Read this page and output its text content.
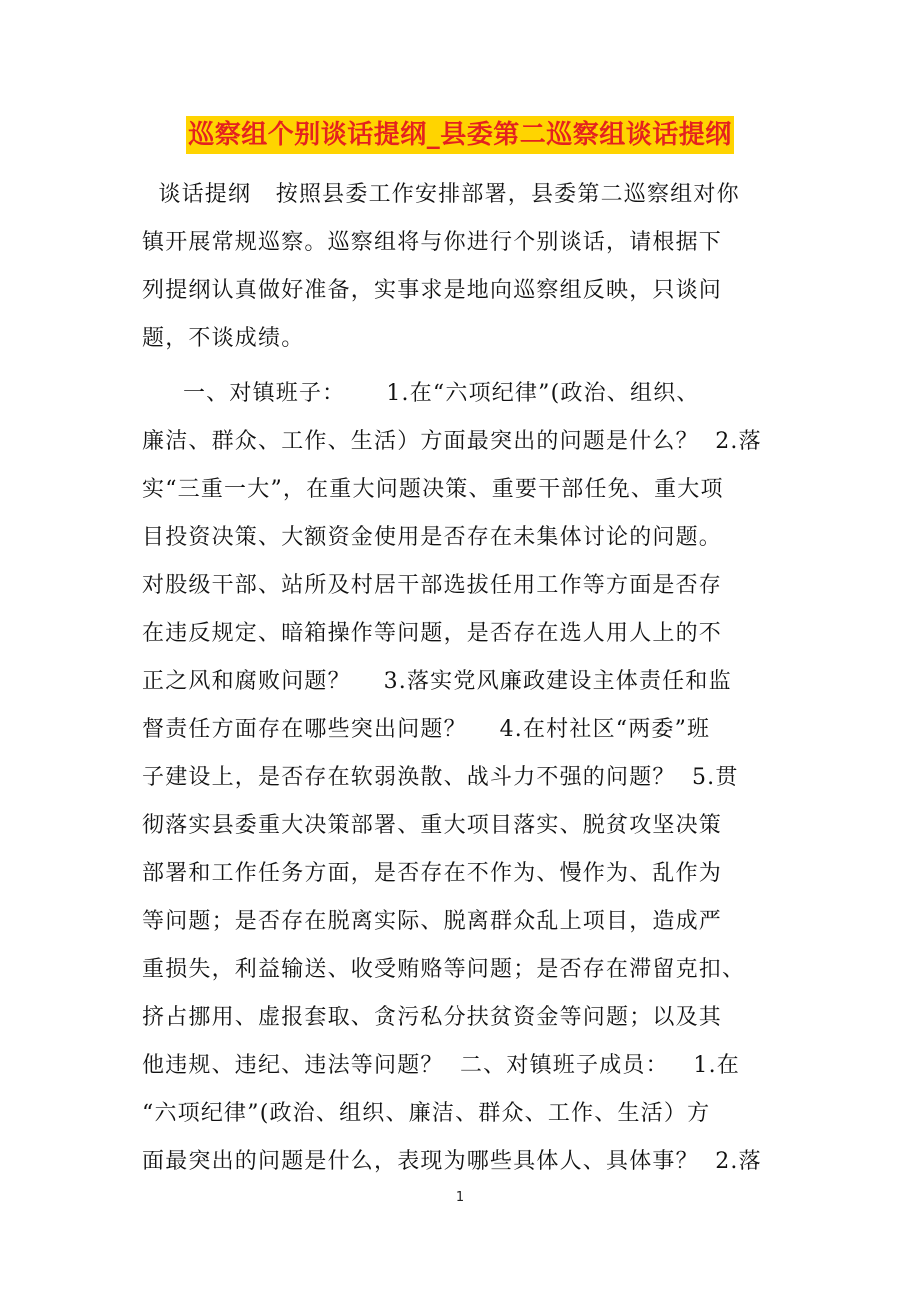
巡察组个别谈话提纲_县委第二巡察组谈话提纲
谈话提纲   按照县委工作安排部署，县委第二巡察组对你
镇开展常规巡察。巡察组将与你进行个别谈话，请根据下
列提纲认真做好准备，实事求是地向巡察组反映，只谈问
题，不谈成绩。
一、对镇班子：     1.在“六项纪律”(政治、组织、
廉洁、群众、工作、生活）方面最突出的问题是什么？  2.落
实“三重一大”，在重大问题决策、重要干部任免、重大项
目投资决策、大额资金使用是否存在未集体讨论的问题。
对股级干部、站所及村居干部选拔任用工作等方面是否存
在违反规定、暗箱操作等问题，是否存在选人用人上的不
正之风和腐败问题？    3.落实党风廉政建设主体责任和监
督责任方面存在哪些突出问题？    4.在村社区“两委”班
子建设上，是否存在软弱涣散、战斗力不强的问题？  5.贯
彻落实县委重大决策部署、重大项目落实、脱贫攻坚决策
部署和工作任务方面，是否存在不作为、慢作为、乱作为
等问题；是否存在脱离实际、脱离群众乱上项目，造成严
重损失，利益输送、收受贿赂等问题；是否存在滞留克扣、
挤占挪用、虚报套取、贪污私分扶贫资金等问题；以及其
他违规、违纪、违法等问题？  二、对镇班子成员：   1.在
“六项纪律”(政治、组织、廉洁、群众、工作、生活）方
面最突出的问题是什么，表现为哪些具体人、具体事？  2.落
1
